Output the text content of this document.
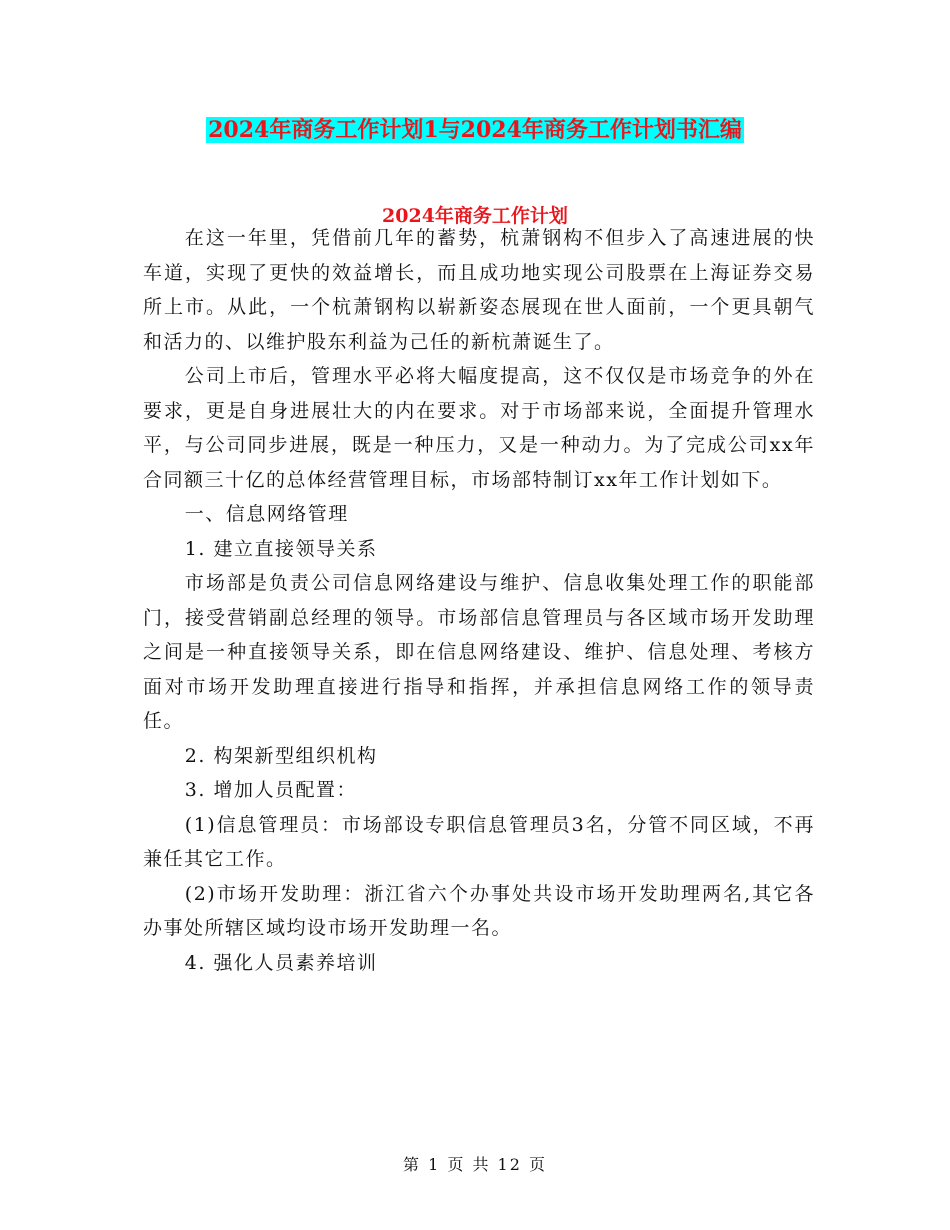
2024年商务工作计划1与2024年商务工作计划书汇编
2024年商务工作计划

在这一年里，凭借前几年的蓄势，杭萧钢构不但步入了高速进展的快车道，实现了更快的效益增长，而且成功地实现公司股票在上海证券交易所上市。从此，一个杭萧钢构以崭新姿态展现在世人面前，一个更具朝气和活力的、以维护股东利益为己任的新杭萧诞生了。

公司上市后，管理水平必将大幅度提高，这不仅仅是市场竞争的外在要求，更是自身进展壮大的内在要求。对于市场部来说，全面提升管理水平，与公司同步进展，既是一种压力，又是一种动力。为了完成公司xx年合同额三十亿的总体经营管理目标，市场部特制订xx年工作计划如下。

一、信息网络管理

1. 建立直接领导关系

市场部是负责公司信息网络建设与维护、信息收集处理工作的职能部门，接受营销副总经理的领导。市场部信息管理员与各区域市场开发助理之间是一种直接领导关系，即在信息网络建设、维护、信息处理、考核方面对市场开发助理直接进行指导和指挥，并承担信息网络工作的领导责任。

2. 构架新型组织机构

3. 增加人员配置：

(1)信息管理员：市场部设专职信息管理员3名，分管不同区域，不再兼任其它工作。

(2)市场开发助理：浙江省六个办事处共设市场开发助理两名,其它各办事处所辖区域均设市场开发助理一名。

4. 强化人员素养培训

第 1 页 共 12 页
